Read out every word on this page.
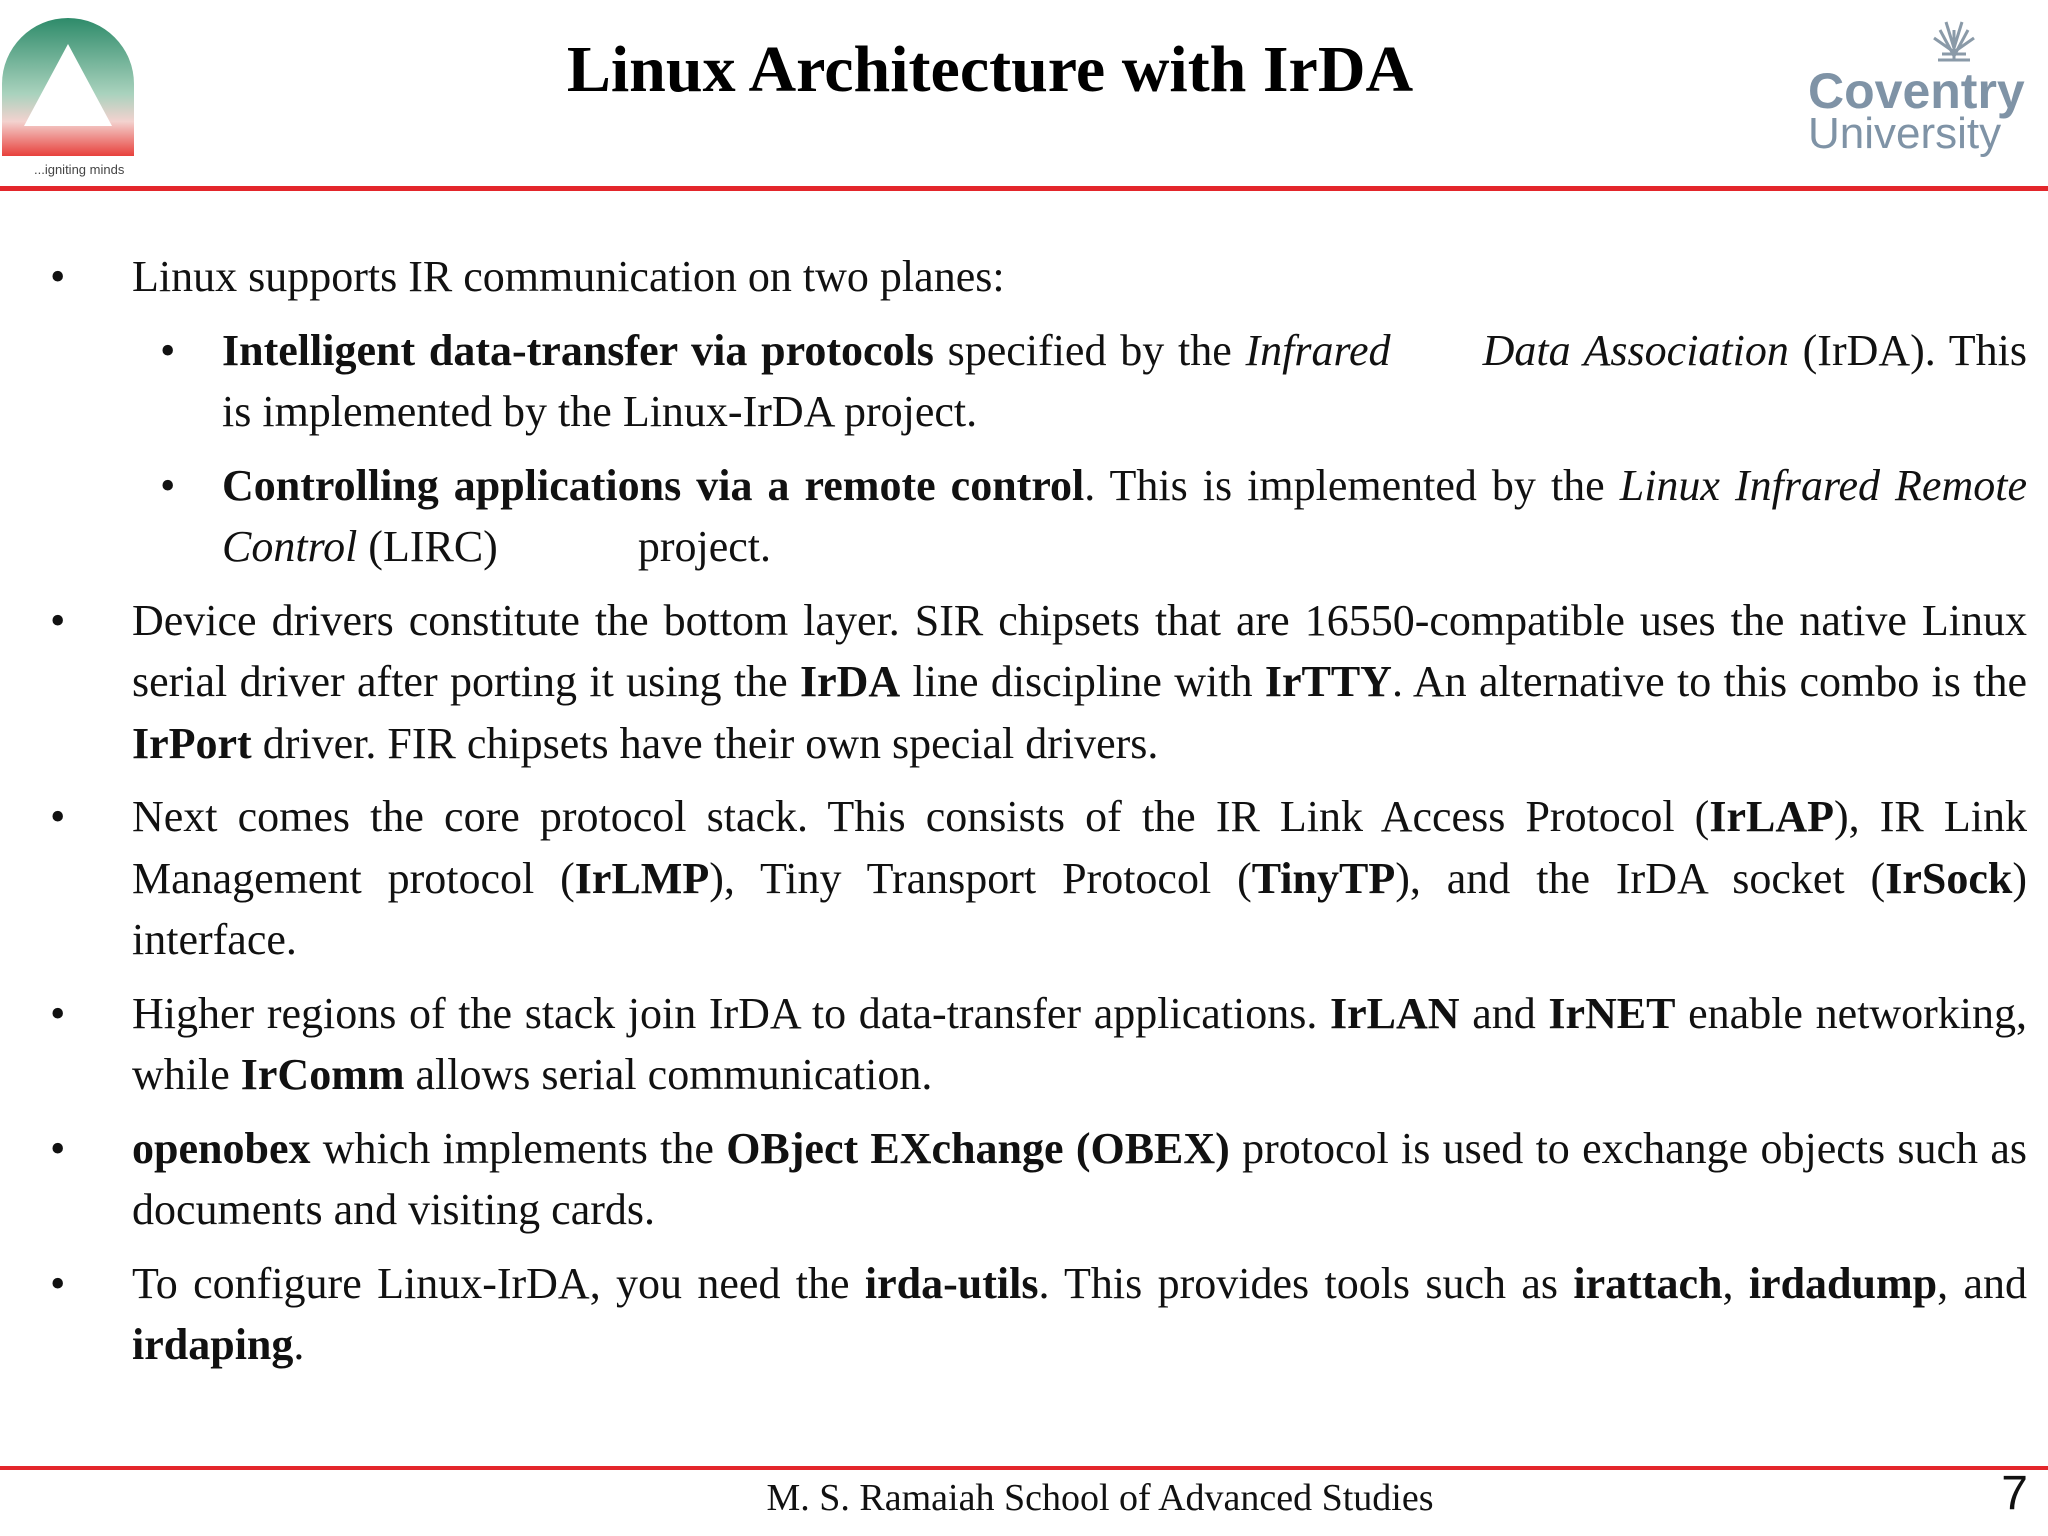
...igniting minds
Linux Architecture with IrDA	Coventry
University
• Linux supports IR communication on two planes:
• Intelligent data-transfer via protocols specified by the Infrared Data Association (IrDA). This is implemented by the Linux-IrDA project.
• Controlling applications via a remote control. This is implemented by the Linux Infrared Remote Control (LIRC)	project.
• Device drivers constitute the bottom layer. SIR chipsets that are 16550-compatible uses the native Linux serial driver after porting it using the IrDA line discipline with IrTTY. An alternative to this combo is the IrPort driver. FIR chipsets have their own special drivers.
• Next comes the core protocol stack. This consists of the IR Link Access Protocol (IrLAP), IR Link Management protocol (IrLMP), Tiny Transport Protocol (TinyTP), and the IrDA socket (IrSock) interface.
• Higher regions of the stack join IrDA to data-transfer applications. IrLAN and IrNET enable networking, while IrComm allows serial communication.
• openobex which implements the OBject EXchange (OBEX) protocol is used to exchange objects such as documents and visiting cards.
• To configure Linux-IrDA, you need the irda-utils. This provides tools such as irattach, irdadump, and irdaping.
M. S. Ramaiah School of Advanced Studies	7
